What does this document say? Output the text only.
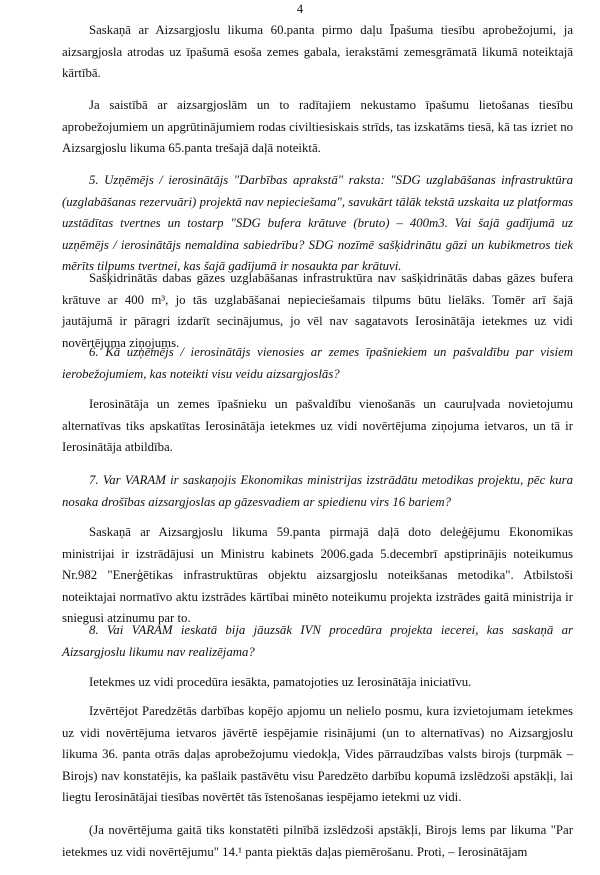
4

Saskaņā ar Aizsargjoslu likuma 60.panta pirmo daļu Īpašuma tiesību aprobežojumi, ja aizsargjosla atrodas uz īpašumā esoša zemes gabala, ierakstāmi zemesgrāmatā likumā noteiktajā kārtībā.

Ja saistībā ar aizsargjoslām un to radītajiem nekustamo īpašumu lietošanas tiesību aprobežojumiem un apgrūtinājumiem rodas civiltiesiskais strīds, tas izskatāms tiesā, kā tas izriet no Aizsargjoslu likuma 65.panta trešajā daļā noteiktā.

5. Uzņēmējs / ierosinātājs "Darbības aprakstā" raksta: "SDG uzglabāšanas infrastruktūra (uzglabāšanas rezervuāri) projektā nav nepieciešama", savukārt tālāk tekstā uzskaita uz platformas uzstādītas tvertnes un tostarp "SDG bufera krātuve (bruto) – 400m3. Vai šajā gadījumā uz uzņēmējs / ierosinātājs nemaldina sabiedrību? SDG nozīmē sašķidrinātu gāzi un kubikmetros tiek mērīts tilpums tvertnei, kas šajā gadījumā ir nosaukta par krātuvi.

Sašķidrinātās dabas gāzes uzglabāšanas infrastruktūra nav sašķidrinātās dabas gāzes bufera krātuve ar 400 m³, jo tās uzglabāšanai nepieciešamais tilpums būtu lielāks. Tomēr arī šajā jautājumā ir pāragri izdarīt secinājumus, jo vēl nav sagatavots Ierosinātāja ietekmes uz vidi novērtējuma ziņojums.

6. Kā uzņēmējs / ierosinātājs vienosies ar zemes īpašniekiem un pašvaldību par visiem ierobežojumiem, kas noteikti visu veidu aizsargjoslās?

Ierosinātāja un zemes īpašnieku un pašvaldību vienošanās un cauruļvada novietojumu alternatīvas tiks apskatītas Ierosinātāja ietekmes uz vidi novērtējuma ziņojuma ietvaros, un tā ir Ierosinātāja atbildība.

7. Var VARAM ir saskaņojis Ekonomikas ministrijas izstrādātu metodikas projektu, pēc kura nosaka drošības aizsargjoslas ap gāzesvadiem ar spiedienu virs 16 bariem?

Saskaņā ar Aizsargjoslu likuma 59.panta pirmajā daļā doto deleģējumu Ekonomikas ministrijai ir izstrādājusi un Ministru kabinets 2006.gada 5.decembrī apstiprinājis noteikumus Nr.982 "Enerģētikas infrastruktūras objektu aizsargjoslu noteikšanas metodika". Atbilstoši noteiktajai normatīvo aktu izstrādes kārtībai minēto noteikumu projekta izstrādes gaitā ministrija ir sniegusi atzinumu par to.

8. Vai VARAM ieskatā bija jāuzsāk IVN procedūra projekta iecerei, kas saskaņā ar Aizsargjoslu likumu nav realizējama?

Ietekmes uz vidi procedūra iesākta, pamatojoties uz Ierosinātāja iniciatīvu.

Izvērtējot Paredzētās darbības kopējo apjomu un nelielo posmu, kura izvietojumam ietekmes uz vidi novērtējuma ietvaros jāvērtē iespējamie risinājumi (un to alternatīvas) no Aizsargjoslu likuma 36. panta otrās daļas aprobežojumu viedokļa, Vides pārraudzības valsts birojs (turpmāk – Birojs) nav konstatējis, ka pašlaik pastāvētu visu Paredzēto darbību kopumā izslēdzoši apstākļi, lai liegtu Ierosinātājai tiesības novērtēt tās īstenošanas iespējamo ietekmi uz vidi.

(Ja novērtējuma gaitā tiks konstatēti pilnībā izslēdzoši apstākļi, Birojs lems par likuma "Par ietekmes uz vidi novērtējumu" 14.¹ panta piektās daļas piemērošanu. Proti, – Ierosinātājam
